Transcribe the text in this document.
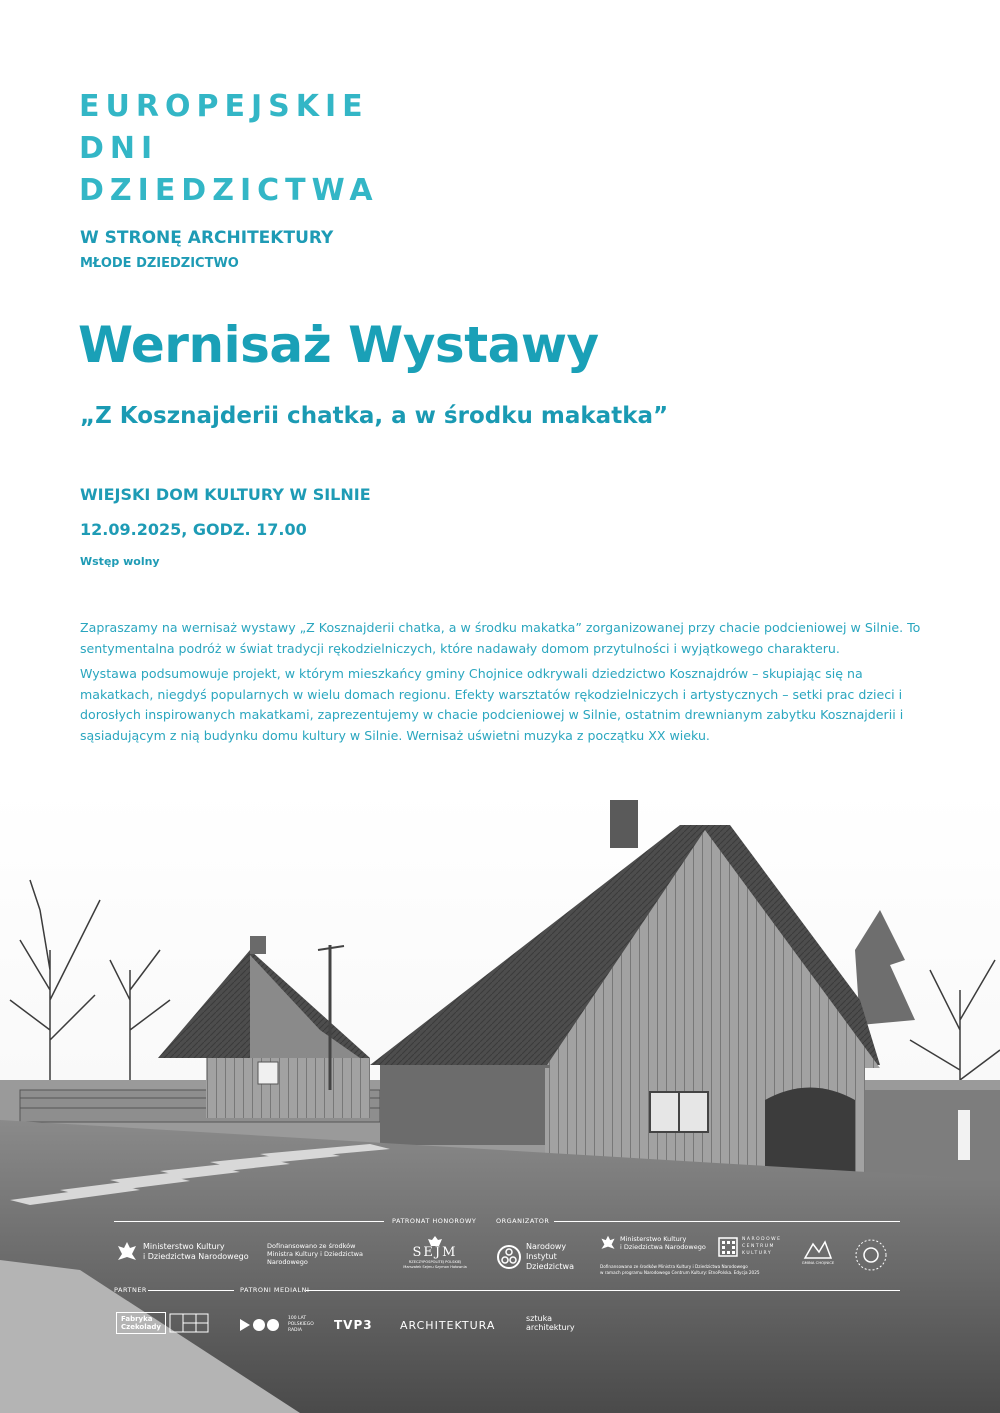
EUROPEJSKIE
DNI
DZIEDZICTWA
W STRONĘ ARCHITEKTURY
MŁODE DZIEDZICTWO
Wernisaż Wystawy
„Z Kosznajderii chatka, a w środku makatka”
WIEJSKI DOM KULTURY W SILNIE
12.09.2025, GODZ. 17.00
Wstęp wolny

Zapraszamy na wernisaż wystawy „Z Kosznajderii chatka, a w środku makatka” zorganizowanej przy chacie podcieniowej w Silnie. To sentymentalna podróż w świat tradycji rękodzielniczych, które nadawały domom przytulności i wyjątkowego charakteru.

Wystawa podsumowuje projekt, w którym mieszkańcy gminy Chojnice odkrywali dziedzictwo Kosznajdrów – skupiając się na makatkach, niegdyś popularnych w wielu domach regionu. Efekty warsztatów rękodzielniczych i artystycznych – setki prac dzieci i dorosłych inspirowanych makatkami, zaprezentujemy w chacie podcieniowej w Silnie, ostatnim drewnianym zabytku Kosznajderii i sąsiadującym z nią budynku domu kultury w Silnie. Wernisaż uświetni muzyka z początku XX wieku.

PATRONAT HONOROWY	ORGANIZATOR
Ministerstwo Kultury
i Dziedzictwa Narodowego
Dofinansowano ze środków
Ministra Kultury i Dziedzictwa
Narodowego
SEJM
RZECZYPOSPOLITEJ POLSKIEJ
Marszałek Sejmu Szymon Hołownia
Narodowy
Instytut
Dziedzictwa
Ministerstwo Kultury
i Dziedzictwa Narodowego
Dofinansowano ze środków Ministra Kultury i Dziedzictwa Narodowego
w ramach programu Narodowego Centrum Kultury: EtnoPolska. Edycja 2025
NARODOWE
CENTRUM
KULTURY
GMINA CHOJNICE
PARTNER	PATRONI MEDIALNI
Fabryka
Czekolady
100 LAT
POLSKIEGO
RADIA	TVP3 ARCHITEKTURA
sztuka
architektury
